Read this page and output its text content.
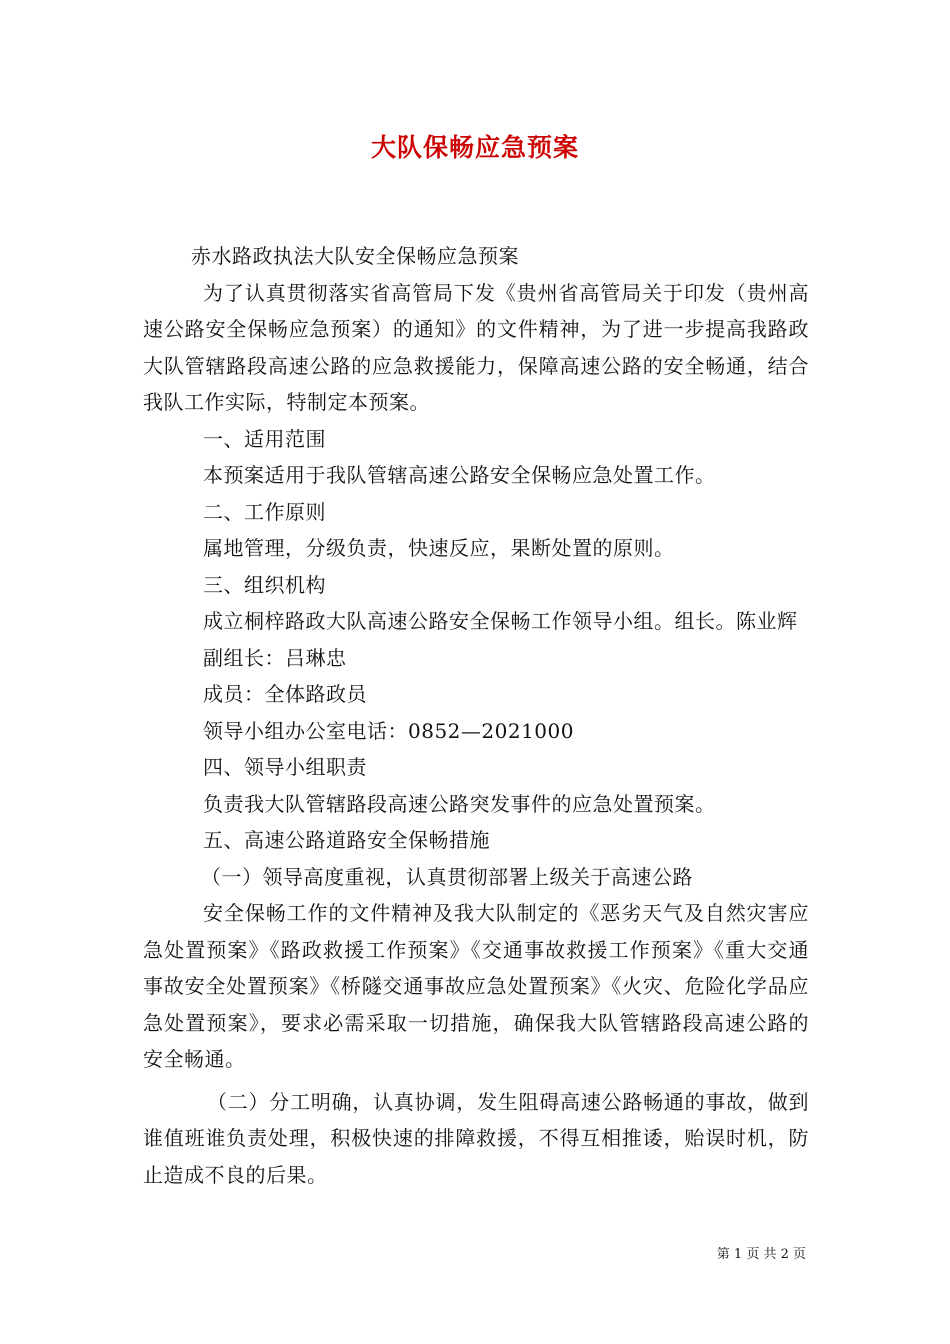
大队保畅应急预案

赤水路政执法大队安全保畅应急预案

为了认真贯彻落实省高管局下发《贵州省高管局关于印发（贵州高速公路安全保畅应急预案）的通知》的文件精神，为了进一步提高我路政大队管辖路段高速公路的应急救援能力，保障高速公路的安全畅通，结合我队工作实际，特制定本预案。

一、适用范围

本预案适用于我队管辖高速公路安全保畅应急处置工作。

二、工作原则

属地管理，分级负责，快速反应，果断处置的原则。

三、组织机构

成立桐梓路政大队高速公路安全保畅工作领导小组。组长。陈业辉

副组长：吕琳忠

成员：全体路政员

领导小组办公室电话：0852—2021000

四、领导小组职责

负责我大队管辖路段高速公路突发事件的应急处置预案。

五、高速公路道路安全保畅措施

（一）领导高度重视，认真贯彻部署上级关于高速公路

安全保畅工作的文件精神及我大队制定的《恶劣天气及自然灾害应急处置预案》《路政救援工作预案》《交通事故救援工作预案》《重大交通事故安全处置预案》《桥隧交通事故应急处置预案》《火灾、危险化学品应急处置预案》，要求必需采取一切措施，确保我大队管辖路段高速公路的安全畅通。

（二）分工明确，认真协调，发生阻碍高速公路畅通的事故，做到谁值班谁负责处理，积极快速的排障救援，不得互相推诿，贻误时机，防止造成不良的后果。

第 1 页 共 2 页
